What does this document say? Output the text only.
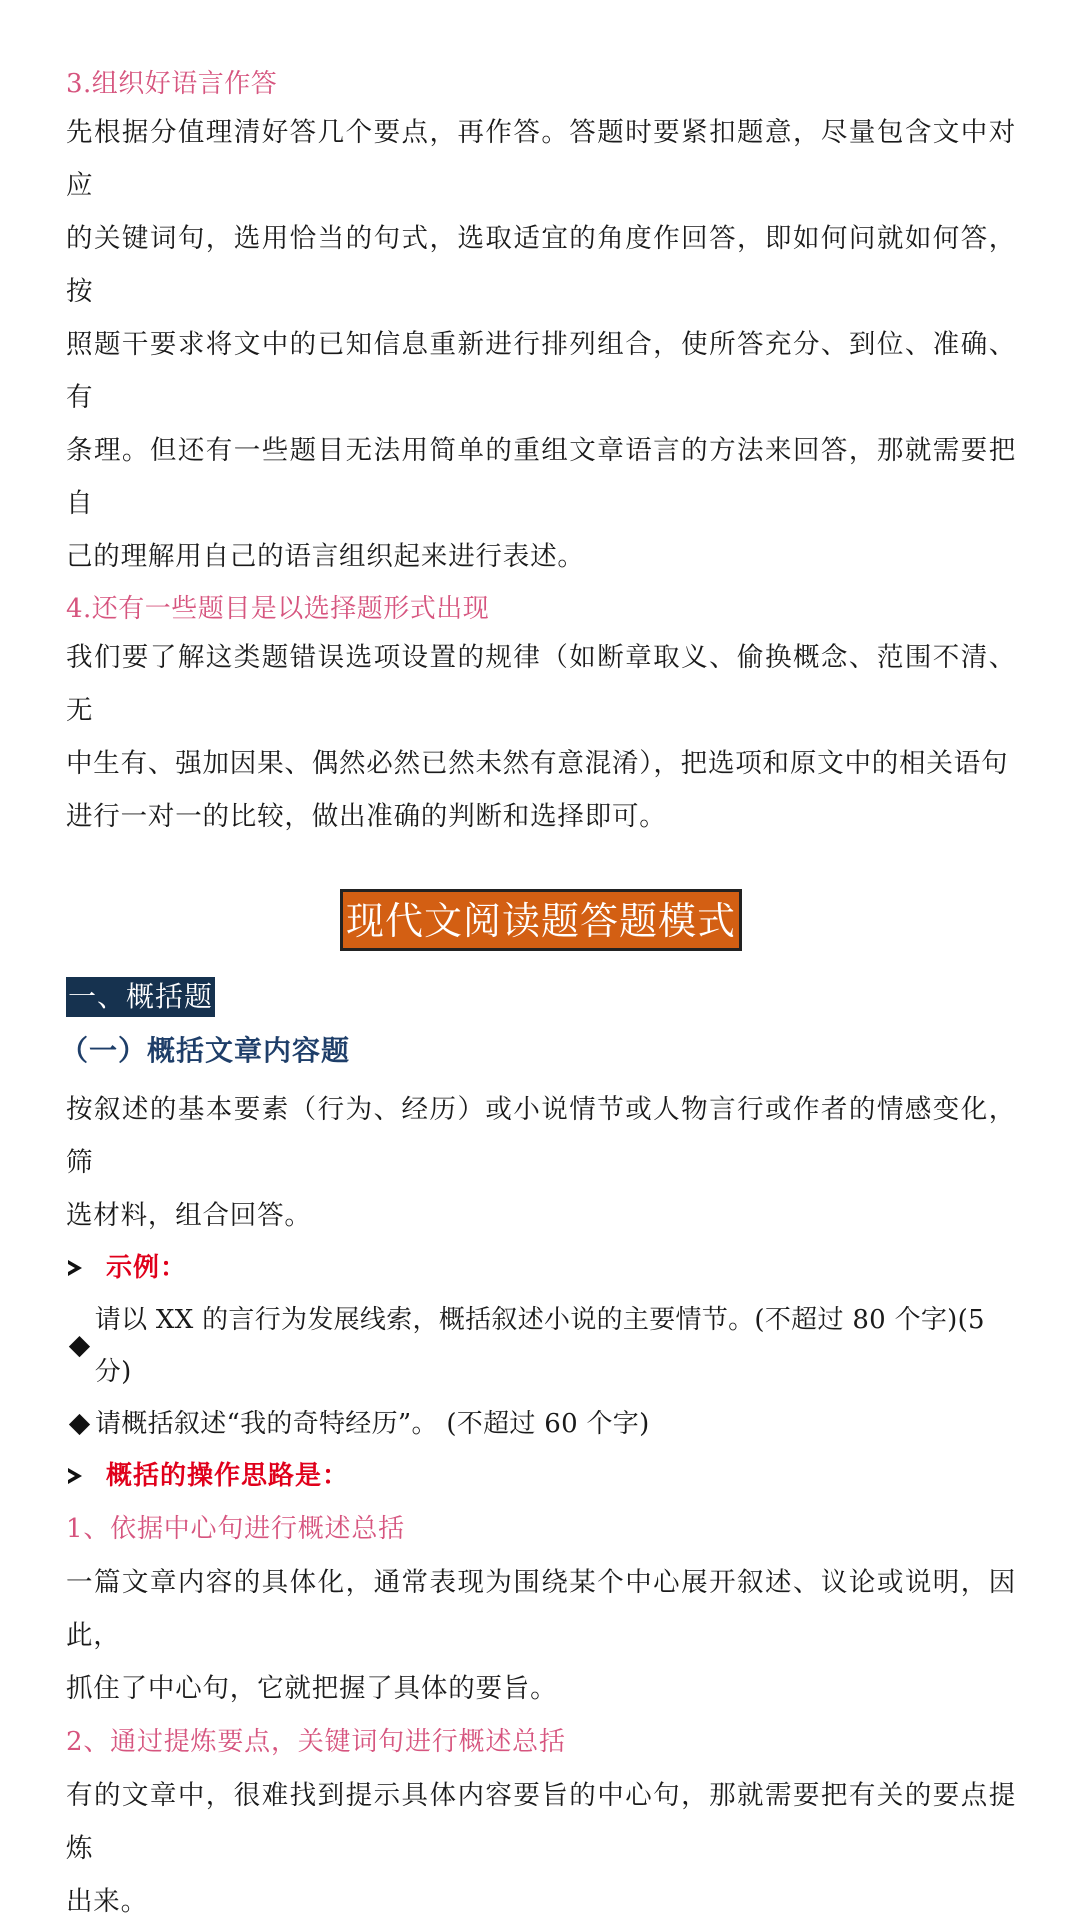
3.组织好语言作答

先根据分值理清好答几个要点，再作答。答题时要紧扣题意，尽量包含文中对应

的关键词句，选用恰当的句式，选取适宜的角度作回答，即如何问就如何答，按

照题干要求将文中的已知信息重新进行排列组合，使所答充分、到位、准确、有

条理。但还有一些题目无法用简单的重组文章语言的方法来回答，那就需要把自

己的理解用自己的语言组织起来进行表述。

4.还有一些题目是以选择题形式出现

我们要了解这类题错误选项设置的规律（如断章取义、偷换概念、范围不清、无

中生有、强加因果、偶然必然已然未然有意混淆），把选项和原文中的相关语句

进行一对一的比较，做出准确的判断和选择即可。

现代文阅读题答题模式
一、概括题

（一）概括文章内容题

按叙述的基本要素（行为、经历）或小说情节或人物言行或作者的情感变化，筛

选材料，组合回答。

示例：
请以 XX 的言行为发展线索，概括叙述小说的主要情节。(不超过 80 个字)(5 分)
请概括叙述“我的奇特经历”。 (不超过 60 个字)
概括的操作思路是：

1、依据中心句进行概述总括

一篇文章内容的具体化，通常表现为围绕某个中心展开叙述、议论或说明，因此，

抓住了中心句，它就把握了具体的要旨。

2、通过提炼要点，关键词句进行概述总括

有的文章中，很难找到提示具体内容要旨的中心句，那就需要把有关的要点提炼

出来。
